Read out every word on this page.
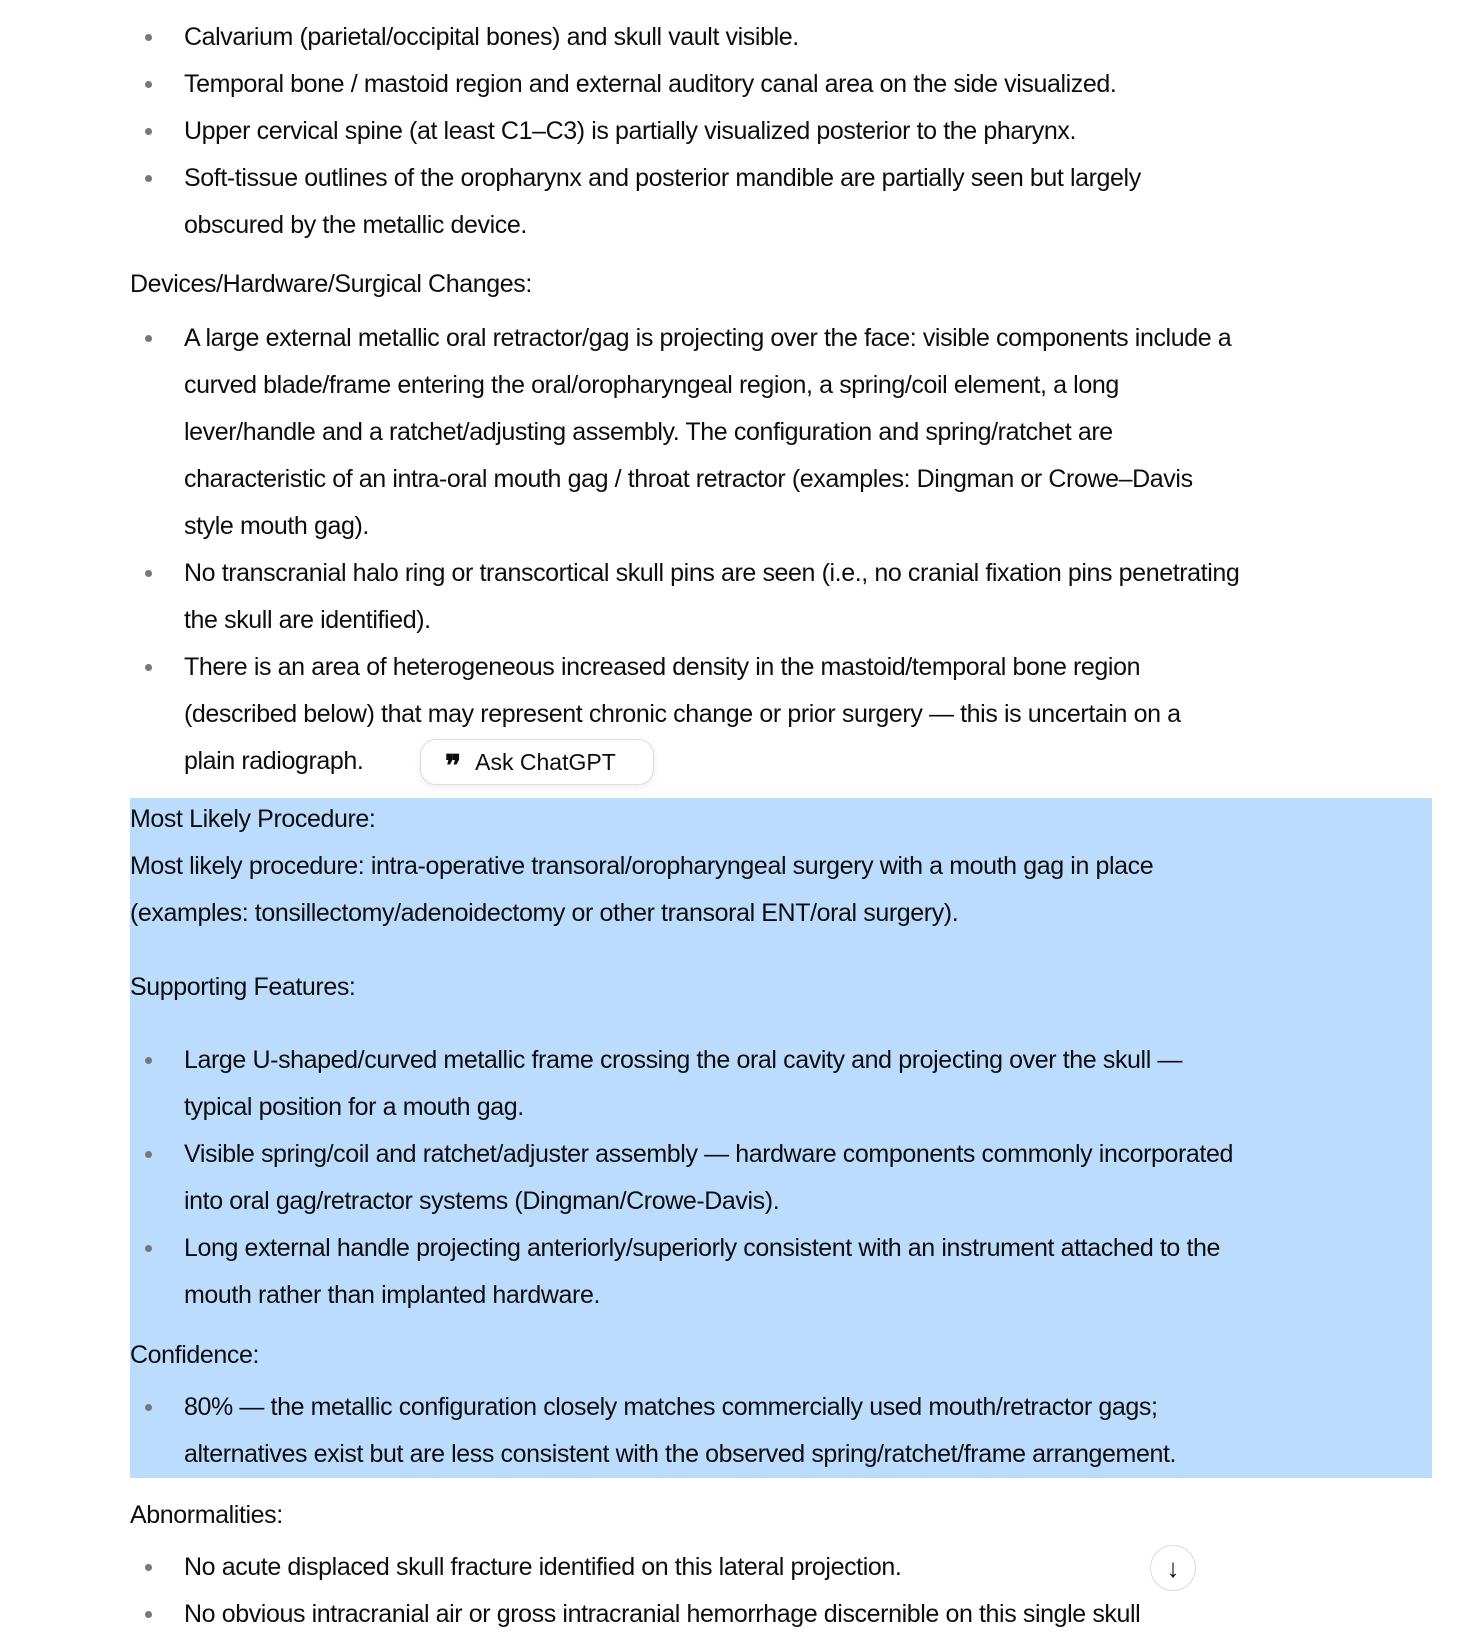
Calvarium (parietal/occipital bones) and skull vault visible.
Temporal bone / mastoid region and external auditory canal area on the side visualized.
Upper cervical spine (at least C1–C3) is partially visualized posterior to the pharynx.
Soft-tissue outlines of the oropharynx and posterior mandible are partially seen but largely
obscured by the metallic device.

Devices/Hardware/Surgical Changes:

A large external metallic oral retractor/gag is projecting over the face: visible components include a
curved blade/frame entering the oral/oropharyngeal region, a spring/coil element, a long
lever/handle and a ratchet/adjusting assembly. The configuration and spring/ratchet are
characteristic of an intra-oral mouth gag / throat retractor (examples: Dingman or Crowe–Davis
style mouth gag).
No transcranial halo ring or transcortical skull pins are seen (i.e., no cranial fixation pins penetrating
the skull are identified).
There is an area of heterogeneous increased density in the mastoid/temporal bone region
(described below) that may represent chronic change or prior surgery — this is uncertain on a
plain radiograph.

Most Likely Procedure:

Most likely procedure: intra-operative transoral/oropharyngeal surgery with a mouth gag in place
(examples: tonsillectomy/adenoidectomy or other transoral ENT/oral surgery).

Supporting Features:

Large U-shaped/curved metallic frame crossing the oral cavity and projecting over the skull —
typical position for a mouth gag.
Visible spring/coil and ratchet/adjuster assembly — hardware components commonly incorporated
into oral gag/retractor systems (Dingman/Crowe-Davis).
Long external handle projecting anteriorly/superiorly consistent with an instrument attached to the
mouth rather than implanted hardware.

Confidence:

80% — the metallic configuration closely matches commercially used mouth/retractor gags;
alternatives exist but are less consistent with the observed spring/ratchet/frame arrangement.

Abnormalities:

No acute displaced skull fracture identified on this lateral projection.
No obvious intracranial air or gross intracranial hemorrhage discernible on this single skull
❞ Ask ChatGPT
↓
